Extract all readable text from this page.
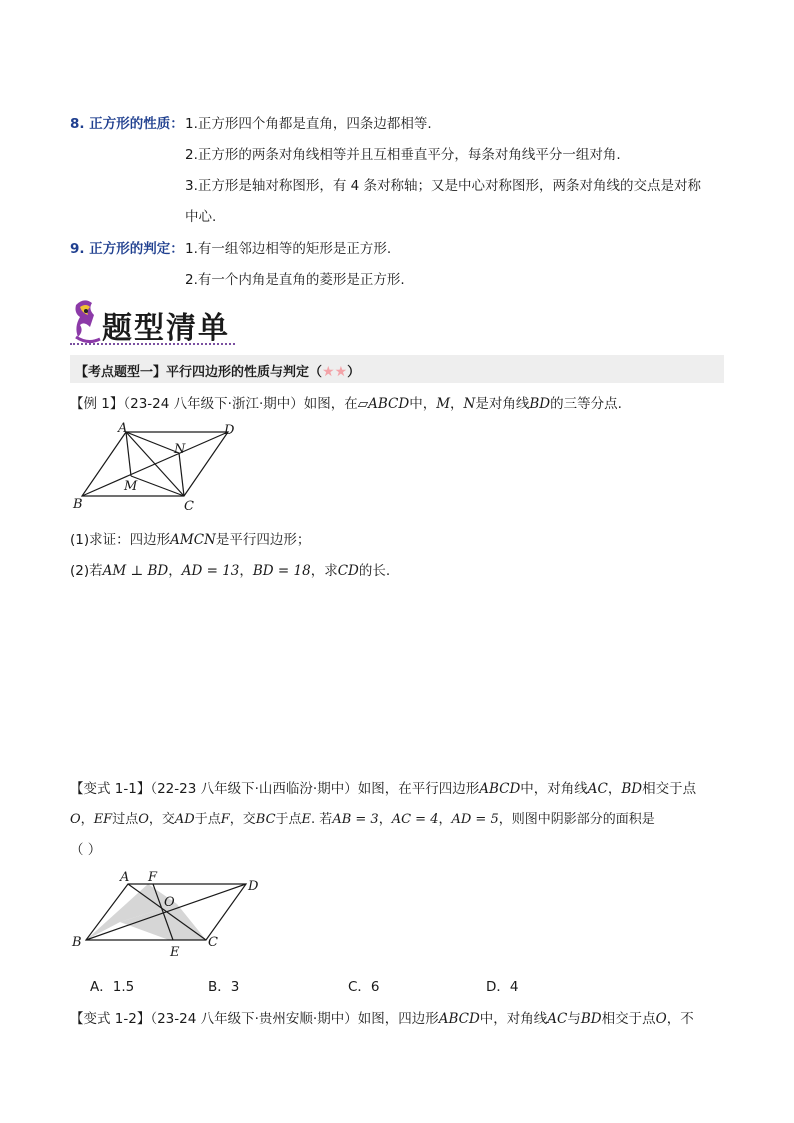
8. 正方形的性质： 1.正方形四个角都是直角，四条边都相等.
2.正方形的两条对角线相等并且互相垂直平分，每条对角线平分一组对角.
3.正方形是轴对称图形，有 4 条对称轴；又是中心对称图形，两条对角线的交点是对称
中心.
9. 正方形的判定： 1.有一组邻边相等的矩形是正方形.
2.有一个内角是直角的菱形是正方形.
题型清单
【考点题型一】平行四边形的性质与判定（★★）
【例 1】（23-24 八年级下·浙江·期中）如图，在▱ABCD中，M，N是对角线BD的三等分点.
A	D
N
M
B	C
(1)求证：四边形AMCN是平行四边形；
(2)若AM ⊥ BD，AD = 13，BD = 18，求CD的长.
【变式 1-1】（22-23 八年级下·山西临汾·期中）如图，在平行四边形ABCD中，对角线AC，BD相交于点
O，EF过点O，交AD于点F，交BC于点E. 若AB = 3，AC = 4，AD = 5，则图中阴影部分的面积是
（ ）
A F
D
O
B
E
C
A．1.5	B．3	C．6	D．4
【变式 1-2】（23-24 八年级下·贵州安顺·期中）如图，四边形ABCD中，对角线AC与BD相交于点O，不
